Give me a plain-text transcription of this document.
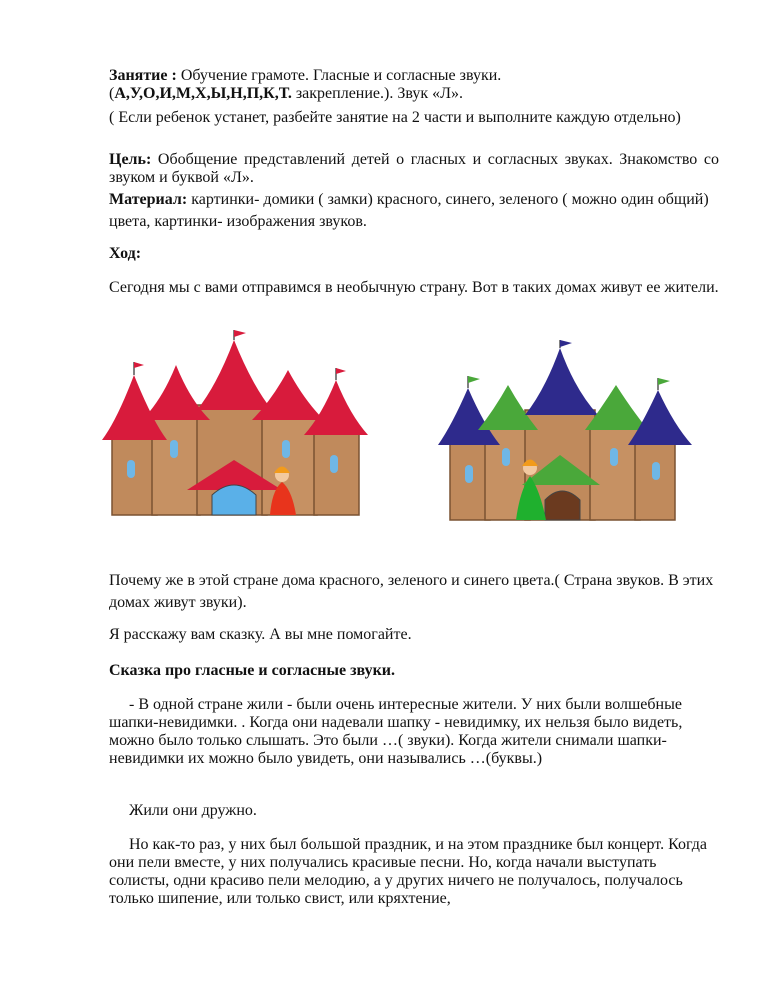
Занятие : Обучение грамоте. Гласные и согласные звуки.
(А,У,О,И,М,Х,Ы,Н,П,К,Т. закрепление.). Звук «Л».

( Если ребенок устанет, разбейте занятие на 2 части и выполните каждую отдельно)

Цель: Обобщение представлений детей о гласных и согласных звуках. Знакомство со звуком и буквой «Л».

Материал: картинки- домики ( замки) красного, синего, зеленого ( можно один общий) цвета, картинки- изображения звуков.

Ход:

Сегодня мы с вами отправимся в необычную страну. Вот в таких домах живут ее жители.

Почему же в этой стране дома красного, зеленого и синего цвета.( Страна звуков. В этих домах живут звуки).

Я расскажу вам сказку. А вы мне помогайте.

Сказка про гласные и согласные звуки.

- В одной стране жили - были очень интересные жители. У них были волшебные шапки-невидимки. . Когда они надевали шапку - невидимку, их нельзя было видеть, можно было только слышать. Это были …( звуки). Когда жители снимали шапки- невидимки их можно было увидеть, они назывались …(буквы.)

Жили они дружно.

Но как-то раз, у них был большой праздник, и на этом празднике был концерт. Когда они пели вместе, у них получались красивые песни. Но, когда начали выступать солисты, одни красиво пели мелодию, а у других ничего не получалось, получалось только шипение, или только свист, или кряхтение,
